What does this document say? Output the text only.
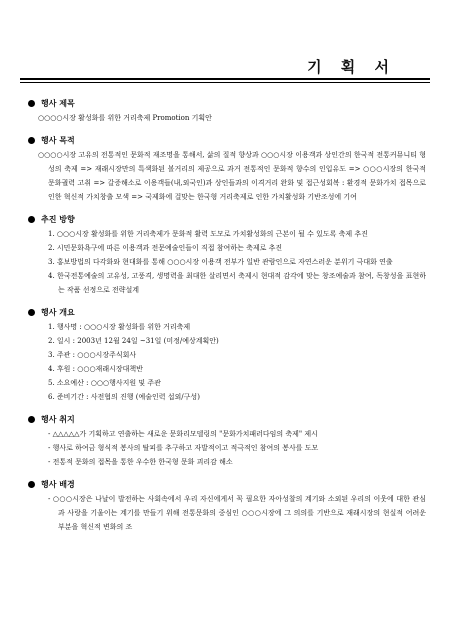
기 획 서
행사 제목
○○○○시장 활성화를 위한 거리축제 Promotion 기획안
행사 목적
○○○○시장 고유의 전통적인 문화적 재조명을 통해서, 삶의 질적 향상과 ○○○시장 이용객과 상인간의 한국적 전통커뮤니티 형성의 축제 => 재래시장만의 특색화된 볼거리의 제공으로 과거 전통적인 문화적 향수의 인입유도 => ○○○시장의 한국적 문화궐력 고취 => 갈증해소로 이용객들(내,외국인)과 상인들과의 이격거리 완화 및 접근성회복 : 환경적 문화가치 접목으로 인한 혁신적 가치창출 모색 => 국제화에 걸맞는 한국형 거리축제로 인한 가치활성화 기반조성에 기여
추진 방향
1. ○○○시장 활성화를 위한 거리축제가 문화적 활력 도모로 가치활성화의 근본이 될 수 있도록 축제 추진
2. 시민문화욕구에 따른 이용객과 전문예술인들이 직접 참여하는 축제로 추진
3. 홍보방법의 다각화와 현대화를 통해 ○○○시장 이용객 전부가 일반 관람인으로 자연스러운 분위기 극대화 연출
4. 한국전통예술의 고유성, 고풍격, 생명력을 최대한 살리면서 축제시 현대적 감각에 맞는 창조예술과 참여, 독창성을 표현하는 작품 선정으로 전략설계
행사 개요
1. 행사명 : ○○○시장 활성화를 위한 거리축제
2. 일시 : 2003년 12월 24일 ~31일 (미정/예상계획안)
3. 주관 : ○○○시장주식회사
4. 후원 : ○○○재래시장대책반
5. 소요예산 : ○○○행사지원 및 주관
6. 준비기간 : 사전협의 진행 (예술인력 섭외/구성)
행사 취지
- △△△△△가 기획하고 연출하는 새로운 문화리모델링의 "문화가치패러다임의 축제" 제시
- 행사로 하여금 형식적 봉사의 탈피를 추구하고 자발적이고 적극적인 참여의 봉사를 도모
- 전통적 문화의 접목을 통한 우수한 한국형 문화 괴리감 해소
행사 배경
- ○○○시장은 나날이 발전하는 사회속에서 우리 자신에게서 꼭 필요한 자아성찰의 계기와 소외된 우리의 이웃에 대한 관심과 사랑을 기울이는 계기를 만들기 위해 전통문화의 중심인 ○○○시장에 그 의의를 기반으로 재래시장의 현실적 어려운 부분을 혁신적 변화의 조
